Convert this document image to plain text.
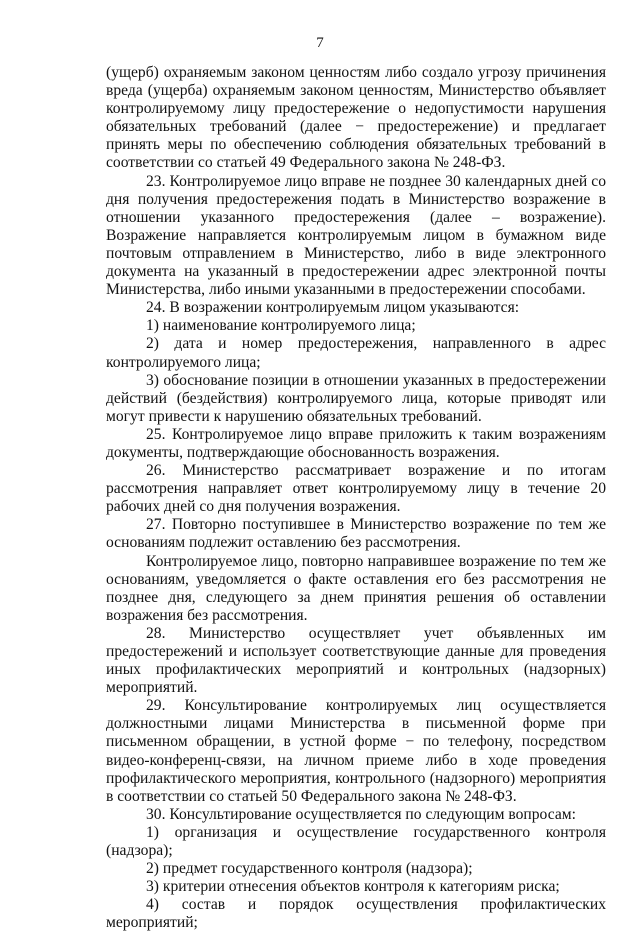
7

(ущерб) охраняемым законом ценностям либо создало угрозу причинения вреда (ущерба) охраняемым законом ценностям, Министерство объявляет контролируемому лицу предостережение о недопустимости нарушения обязательных требований (далее − предостережение) и предлагает принять меры по обеспечению соблюдения обязательных требований в соответствии со статьей 49 Федерального закона № 248-ФЗ.

23. Контролируемое лицо вправе не позднее 30 календарных дней со дня получения предостережения подать в Министерство возражение в отношении указанного предостережения (далее – возражение). Возражение направляется контролируемым лицом в бумажном виде почтовым отправлением в Министерство, либо в виде электронного документа на указанный в предостережении адрес электронной почты Министерства, либо иными указанными в предостережении способами.

24. В возражении контролируемым лицом указываются:

1) наименование контролируемого лица;

2) дата и номер предостережения, направленного в адрес контролируемого лица;

3) обоснование позиции в отношении указанных в предостережении действий (бездействия) контролируемого лица, которые приводят или могут привести к нарушению обязательных требований.

25. Контролируемое лицо вправе приложить к таким возражениям документы, подтверждающие обоснованность возражения.

26. Министерство рассматривает возражение и по итогам рассмотрения направляет ответ контролируемому лицу в течение 20 рабочих дней со дня получения возражения.

27. Повторно поступившее в Министерство возражение по тем же основаниям подлежит оставлению без рассмотрения.

Контролируемое лицо, повторно направившее возражение по тем же основаниям, уведомляется о факте оставления его без рассмотрения не позднее дня, следующего за днем принятия решения об оставлении возражения без рассмотрения.

28. Министерство осуществляет учет объявленных им предостережений и использует соответствующие данные для проведения иных профилактических мероприятий и контрольных (надзорных) мероприятий.

29. Консультирование контролируемых лиц осуществляется должностными лицами Министерства в письменной форме при письменном обращении, в устной форме − по телефону, посредством видео-конференц-связи, на личном приеме либо в ходе проведения профилактического мероприятия, контрольного (надзорного) мероприятия в соответствии со статьей 50 Федерального закона № 248-ФЗ.

30. Консультирование осуществляется по следующим вопросам:

1) организация и осуществление государственного контроля (надзора);

2) предмет государственного контроля (надзора);

3) критерии отнесения объектов контроля к категориям риска;

4) состав и порядок осуществления профилактических мероприятий;
